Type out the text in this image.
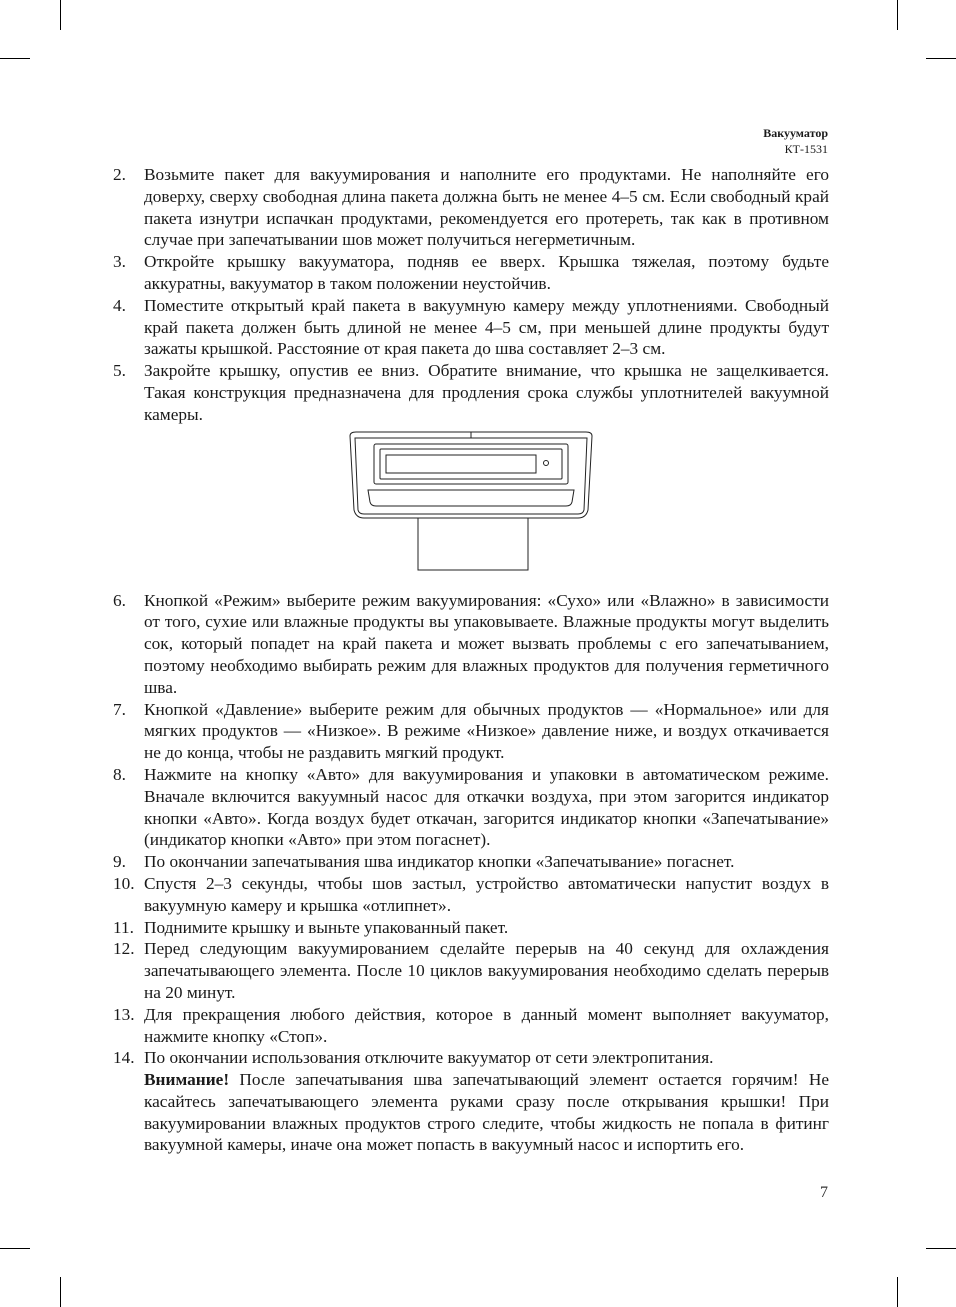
Вакууматор
КТ-1531
2.	Возьмите пакет для вакуумирования и наполните его продуктами. Не наполняйте его доверху, сверху свободная длина пакета должна быть не менее 4–5 см. Если свободный край пакета изнутри испачкан продуктами, рекомендуется его протереть, так как в противном случае при запечатывании шов может получиться негерметичным.
3.	Откройте крышку вакууматора, подняв ее вверх. Крышка тяжелая, поэтому будьте аккуратны, вакууматор в таком положении неустойчив.
4.	Поместите открытый край пакета в вакуумную камеру между уплотнениями. Свободный край пакета должен быть длиной не менее 4–5 см, при меньшей длине продукты будут зажаты крышкой. Расстояние от края пакета до шва составляет 2–3 см.
5.	Закройте крышку, опустив ее вниз. Обратите внимание, что крышка не защелкивается. Такая конструкция предназначена для продления срока службы уплотнителей вакуумной камеры.
6.	Кнопкой «Режим» выберите режим вакуумирования: «Сухо» или «Влажно» в зависимости от того, сухие или влажные продукты вы упаковываете. Влажные продукты могут выделить сок, который попадет на край пакета и может вызвать проблемы с его запечатыванием, поэтому необходимо выбирать режим для влажных продуктов для получения герметичного шва.
7.	Кнопкой «Давление» выберите режим для обычных продуктов — «Нормальное» или для мягких продуктов — «Низкое». В режиме «Низкое» давление ниже, и воздух откачивается не до конца, чтобы не раздавить мягкий продукт.
8.	Нажмите на кнопку «Авто» для вакуумирования и упаковки в автоматическом режиме. Вначале включится вакуумный насос для откачки воздуха, при этом загорится индикатор кнопки «Авто». Когда воздух будет откачан, загорится индикатор кнопки «Запечатывание» (индикатор кнопки «Авто» при этом погаснет).
9.	По окончании запечатывания шва индикатор кнопки «Запечатывание» погаснет.
10. Спустя 2–3 секунды, чтобы шов застыл, устройство автоматически напустит воздух в вакуумную камеру и крышка «отлипнет».
11. Поднимите крышку и выньте упакованный пакет.
12. Перед следующим вакуумированием сделайте перерыв на 40 секунд для охлаждения запечатывающего элемента. После 10 циклов вакуумирования необходимо сделать перерыв на 20 минут.
13. Для прекращения любого действия, которое в данный момент выполняет вакууматор, нажмите кнопку «Стоп».
14. По окончании использования отключите вакууматор от сети электропитания.
Внимание! После запечатывания шва запечатывающий элемент остается горячим! Не касайтесь запечатывающего элемента руками сразу после открывания крышки! При вакуумировании влажных продуктов строго следите, чтобы жидкость не попала в фитинг вакуумной камеры, иначе она может попасть в вакуумный насос и испортить его.
7
